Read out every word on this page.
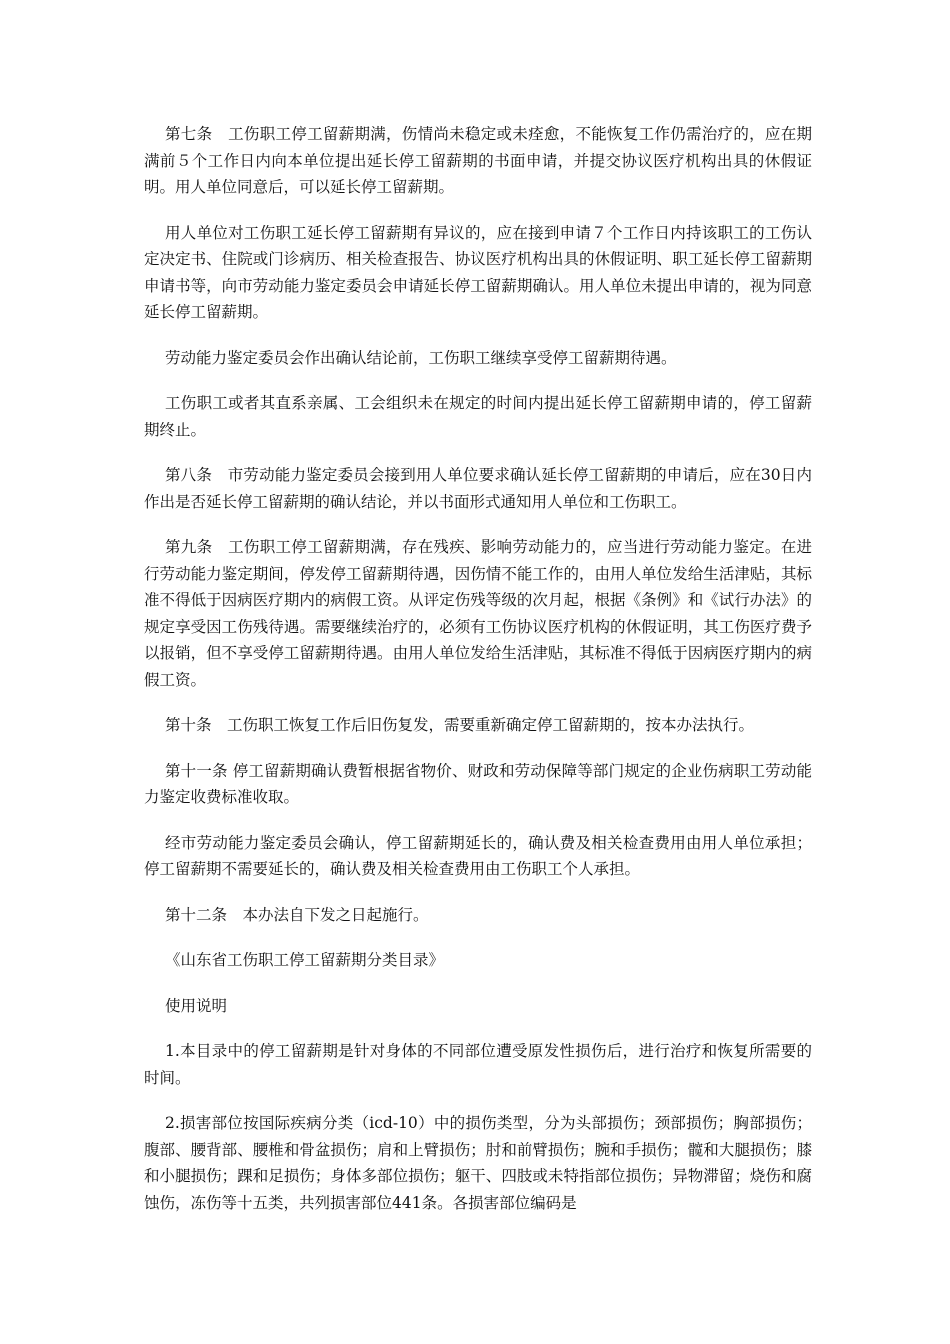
第七条　工伤职工停工留薪期满，伤情尚未稳定或未痊愈，不能恢复工作仍需治疗的，应在期满前５个工作日内向本单位提出延长停工留薪期的书面申请，并提交协议医疗机构出具的休假证明。用人单位同意后，可以延长停工留薪期。

用人单位对工伤职工延长停工留薪期有异议的，应在接到申请７个工作日内持该职工的工伤认定决定书、住院或门诊病历、相关检查报告、协议医疗机构出具的休假证明、职工延长停工留薪期申请书等，向市劳动能力鉴定委员会申请延长停工留薪期确认。用人单位未提出申请的，视为同意延长停工留薪期。

劳动能力鉴定委员会作出确认结论前，工伤职工继续享受停工留薪期待遇。

工伤职工或者其直系亲属、工会组织未在规定的时间内提出延长停工留薪期申请的，停工留薪期终止。

第八条　市劳动能力鉴定委员会接到用人单位要求确认延长停工留薪期的申请后，应在30日内作出是否延长停工留薪期的确认结论，并以书面形式通知用人单位和工伤职工。

第九条　工伤职工停工留薪期满，存在残疾、影响劳动能力的，应当进行劳动能力鉴定。在进行劳动能力鉴定期间，停发停工留薪期待遇，因伤情不能工作的，由用人单位发给生活津贴，其标准不得低于因病医疗期内的病假工资。从评定伤残等级的次月起，根据《条例》和《试行办法》的规定享受因工伤残待遇。需要继续治疗的，必须有工伤协议医疗机构的休假证明，其工伤医疗费予以报销，但不享受停工留薪期待遇。由用人单位发给生活津贴，其标准不得低于因病医疗期内的病假工资。

第十条　工伤职工恢复工作后旧伤复发，需要重新确定停工留薪期的，按本办法执行。

第十一条 停工留薪期确认费暂根据省物价、财政和劳动保障等部门规定的企业伤病职工劳动能力鉴定收费标准收取。

经市劳动能力鉴定委员会确认，停工留薪期延长的，确认费及相关检查费用由用人单位承担；停工留薪期不需要延长的，确认费及相关检查费用由工伤职工个人承担。

第十二条　本办法自下发之日起施行。

《山东省工伤职工停工留薪期分类目录》

使用说明

1.本目录中的停工留薪期是针对身体的不同部位遭受原发性损伤后，进行治疗和恢复所需要的时间。

2.损害部位按国际疾病分类（icd-10）中的损伤类型，分为头部损伤；颈部损伤；胸部损伤；腹部、腰背部、腰椎和骨盆损伤；肩和上臂损伤；肘和前臂损伤；腕和手损伤；髋和大腿损伤；膝和小腿损伤；踝和足损伤；身体多部位损伤；躯干、四肢或未特指部位损伤；异物滞留；烧伤和腐蚀伤，冻伤等十五类，共列损害部位441条。各损害部位编码是
